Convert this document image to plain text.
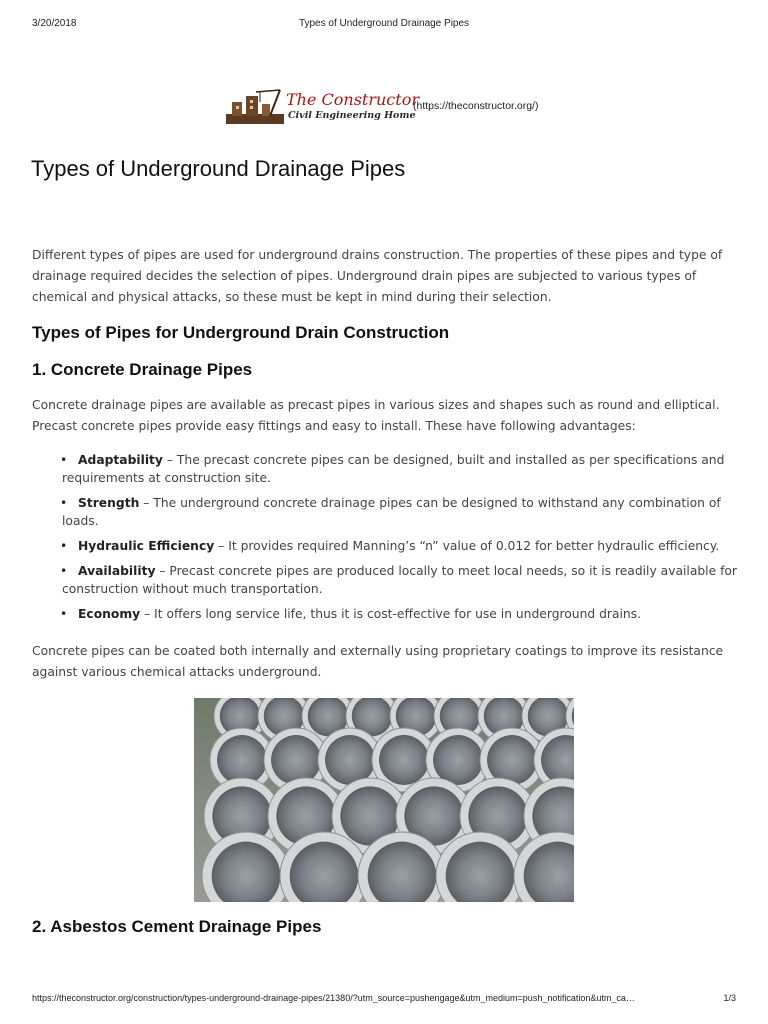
3/20/2018	Types of Underground Drainage Pipes
The Constructor
Civil Engineering Home
(https://theconstructor.org/)
Types of Underground Drainage Pipes

Different types of pipes are used for underground drains construction. The properties of these pipes and type of drainage required decides the selection of pipes. Underground drain pipes are subjected to various types of chemical and physical attacks, so these must be kept in mind during their selection.

Types of Pipes for Underground Drain Construction
1. Concrete Drainage Pipes

Concrete drainage pipes are available as precast pipes in various sizes and shapes such as round and elliptical. Precast concrete pipes provide easy fittings and easy to install. These have following advantages:

• Adaptability – The precast concrete pipes can be designed, built and installed as per specifications and requirements at construction site.
• Strength – The underground concrete drainage pipes can be designed to withstand any combination of loads.
• Hydraulic Efficiency – It provides required Manning’s “n” value of 0.012 for better hydraulic efficiency.
• Availability – Precast concrete pipes are produced locally to meet local needs, so it is readily available for construction without much transportation.
• Economy – It offers long service life, thus it is cost-effective for use in underground drains.

Concrete pipes can be coated both internally and externally using proprietary coatings to improve its resistance against various chemical attacks underground.

2. Asbestos Cement Drainage Pipes
https://theconstructor.org/construction/types-underground-drainage-pipes/21380/?utm_source=pushengage&utm_medium=push_notification&utm_ca…	1/3
